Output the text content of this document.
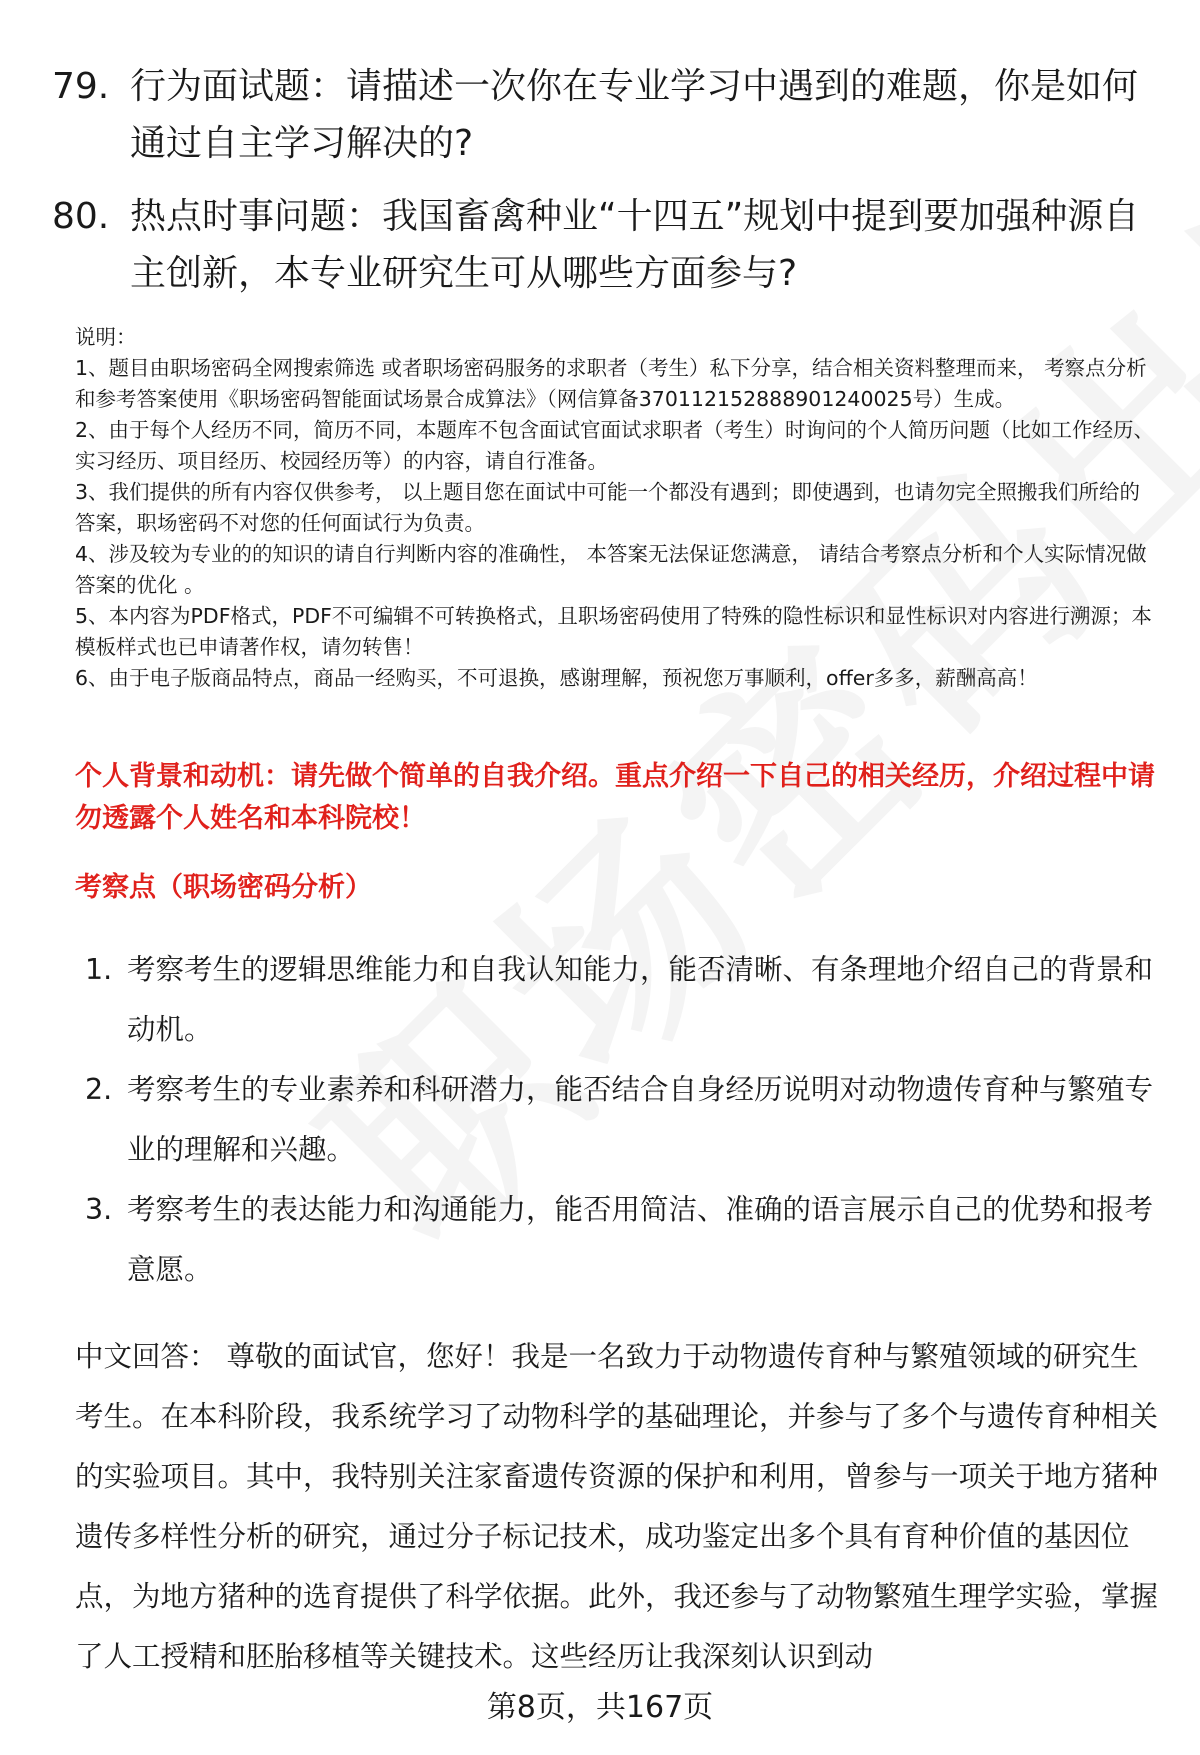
79. 行为面试题：请描述一次你在专业学习中遇到的难题，你是如何通过自主学习解决的?
80. 热点时事问题：我国畜禽种业“十四五”规划中提到要加强种源自主创新，本专业研究生可从哪些方面参与?

说明：

1、题目由职场密码全网搜索筛选 或者职场密码服务的求职者（考生）私下分享，结合相关资料整理而来， 考察点分析和参考答案使用《职场密码智能面试场景合成算法》（网信算备370112152888901240025号）生成。

2、由于每个人经历不同，简历不同，本题库不包含面试官面试求职者（考生）时询问的个人简历问题（比如工作经历、实习经历、项目经历、校园经历等）的内容，请自行准备。

3、我们提供的所有内容仅供参考， 以上题目您在面试中可能一个都没有遇到；即使遇到，也请勿完全照搬我们所给的答案，职场密码不对您的任何面试行为负责。

4、涉及较为专业的的知识的请自行判断内容的准确性， 本答案无法保证您满意， 请结合考察点分析和个人实际情况做答案的优化 。

5、本内容为PDF格式，PDF不可编辑不可转换格式，且职场密码使用了特殊的隐性标识和显性标识对内容进行溯源；本模板样式也已申请著作权，请勿转售！

6、由于电子版商品特点，商品一经购买，不可退换，感谢理解，预祝您万事顺利，offer多多，薪酬高高！

个人背景和动机：请先做个简单的自我介绍。重点介绍一下自己的相关经历，介绍过程中请勿透露个人姓名和本科院校！
考察点（职场密码分析）
1. 考察考生的逻辑思维能力和自我认知能力，能否清晰、有条理地介绍自己的背景和动机。
2. 考察考生的专业素养和科研潜力，能否结合自身经历说明对动物遗传育种与繁殖专业的理解和兴趣。
3. 考察考生的表达能力和沟通能力，能否用简洁、准确的语言展示自己的优势和报考意愿。
中文回答： 尊敬的面试官，您好！我是一名致力于动物遗传育种与繁殖领域的研究生考生。在本科阶段，我系统学习了动物科学的基础理论，并参与了多个与遗传育种相关的实验项目。其中，我特别关注家畜遗传资源的保护和利用，曾参与一项关于地方猪种遗传多样性分析的研究，通过分子标记技术，成功鉴定出多个具有育种价值的基因位点，为地方猪种的选育提供了科学依据。此外，我还参与了动物繁殖生理学实验，掌握了人工授精和胚胎移植等关键技术。这些经历让我深刻认识到动
第8页，共167页
